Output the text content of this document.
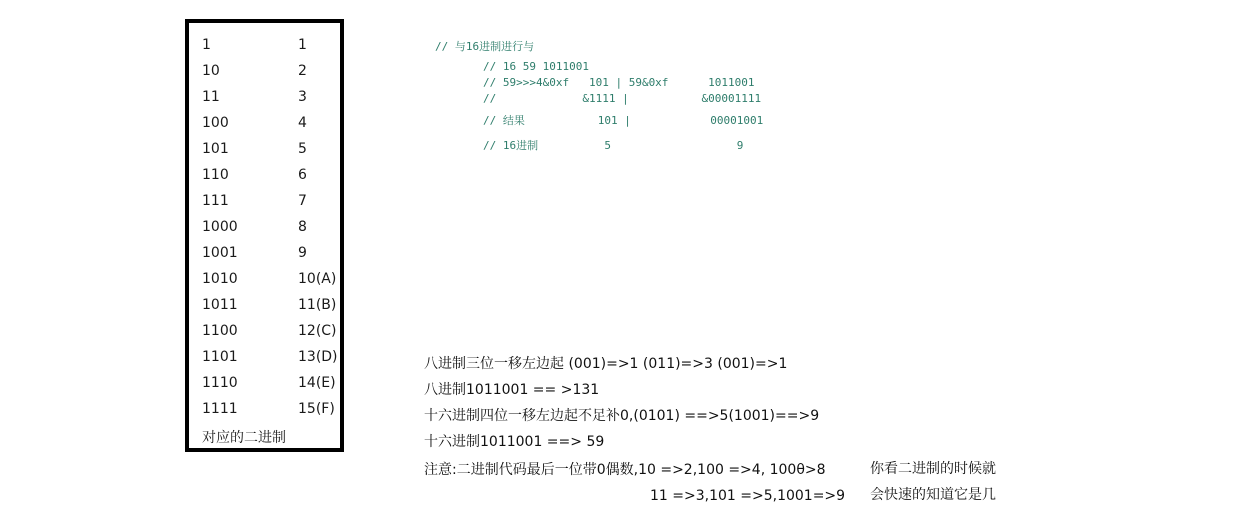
1	1
10	2
11	3
100	4
101	5
110	6
111	7
1000	8
1001	9
1010	10(A)
1011	11(B)
1100	12(C)
1101	13(D)
1110	14(E)
1111	15(F)
对应的二进制
// 与16进制进行与
// 16 59 1011001
// 59>>>4&0xf   101 | 59&0xf      1011001
//             &1111 |           &00001111
// 结果           101 |            00001001
// 16进制          5                   9
八进制三位一移左边起 (001)=>1 (011)=>3 (001)=>1
八进制1011001 == >131
十六进制四位一移左边起不足补0,(0101) ==>5(1001)==>9
十六进制1011001 ==> 59
注意:二进制代码最后一位带0偶数,10 =>2,100 =>4, 100θ>8
11 =>3,101 =>5,1001=>9
你看二进制的时候就
会快速的知道它是几
